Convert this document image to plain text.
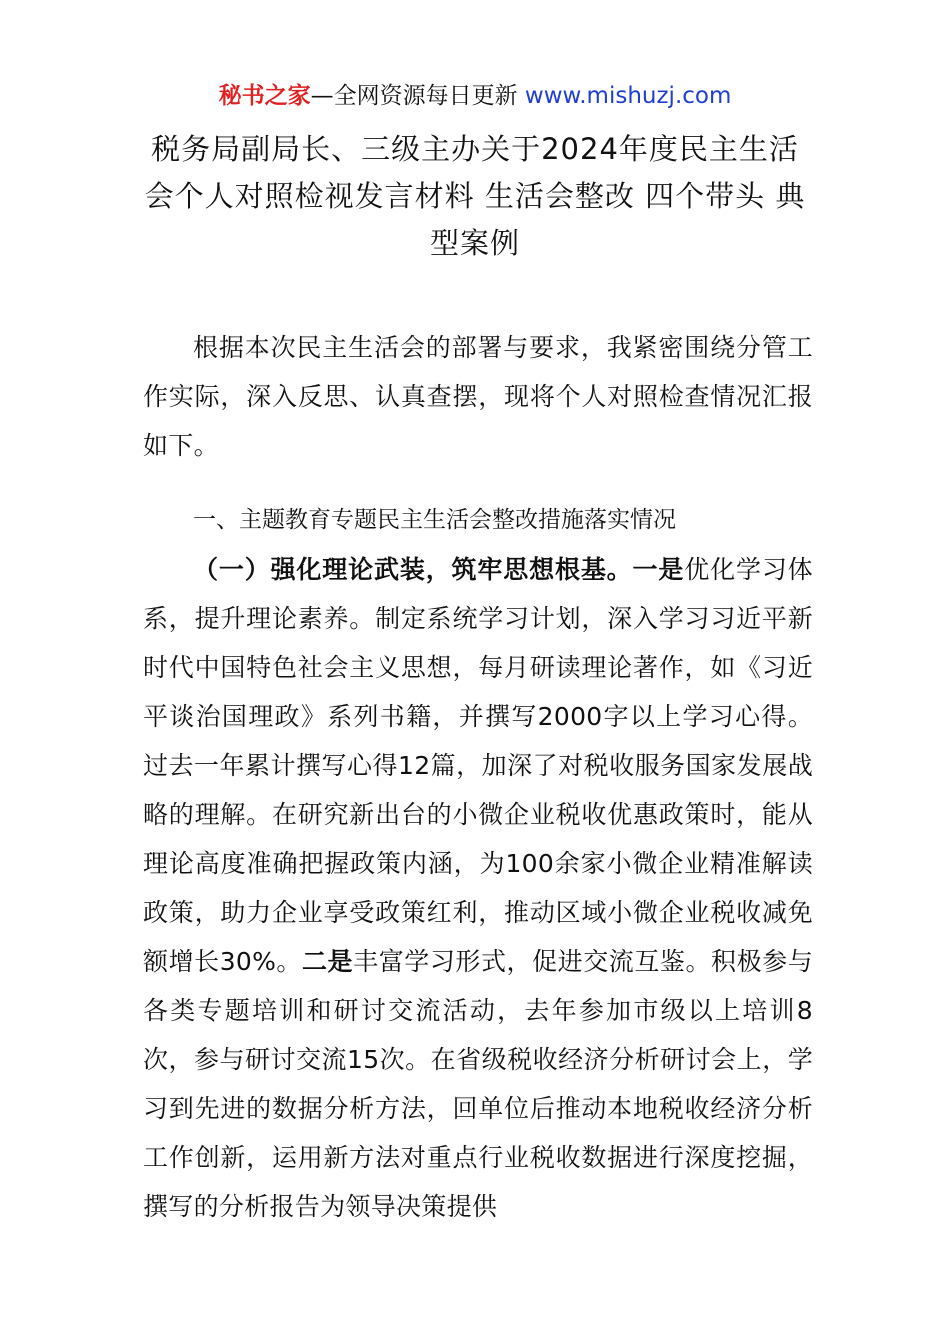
秘书之家—全网资源每日更新 www.mishuzj.com
税务局副局长、三级主办关于2024年度民主生活会个人对照检视发言材料 生活会整改 四个带头 典型案例

根据本次民主生活会的部署与要求，我紧密围绕分管工作实际，深入反思、认真查摆，现将个人对照检查情况汇报如下。

一、主题教育专题民主生活会整改措施落实情况

（一）强化理论武装，筑牢思想根基。一是优化学习体系，提升理论素养。制定系统学习计划，深入学习习近平新时代中国特色社会主义思想，每月研读理论著作，如《习近平谈治国理政》系列书籍，并撰写2000字以上学习心得。过去一年累计撰写心得12篇，加深了对税收服务国家发展战略的理解。在研究新出台的小微企业税收优惠政策时，能从理论高度准确把握政策内涵，为100余家小微企业精准解读政策，助力企业享受政策红利，推动区域小微企业税收减免额增长30%。二是丰富学习形式，促进交流互鉴。积极参与各类专题培训和研讨交流活动，去年参加市级以上培训8次，参与研讨交流15次。在省级税收经济分析研讨会上，学习到先进的数据分析方法，回单位后推动本地税收经济分析工作创新，运用新方法对重点行业税收数据进行深度挖掘，撰写的分析报告为领导决策提供
